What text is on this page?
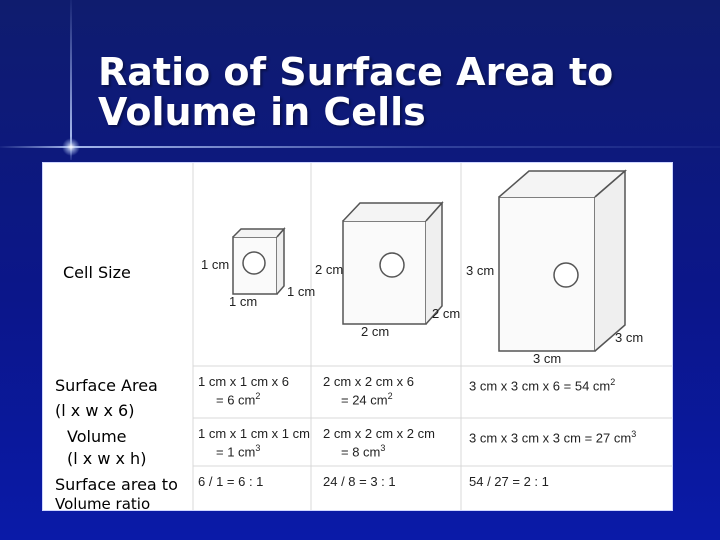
Ratio of Surface Area to
Volume in Cells
Cell Size
Surface Area
(l x w x 6)
Volume
(l x w x h)
Surface area to
Volume ratio
1 cm
1 cm
1 cm
2 cm
2 cm
2 cm
3 cm
3 cm
3 cm
1 cm x 1 cm x 6
= 6 $cm^2$
2 cm x 2 cm x 6
= 24 $cm^2$
3 cm x 3 cm x 6 = 54 $cm^2$
1 cm x 1 cm x 1 cm
= 1 $cm^3$
2 cm x 2 cm x 2 cm
= 8 $cm^3$
3 cm x 3 cm x 3 cm = 27 $cm^3$
6 / 1 = 6 : 1	24 / 8 = 3 : 1	54 / 27 = 2 : 1
